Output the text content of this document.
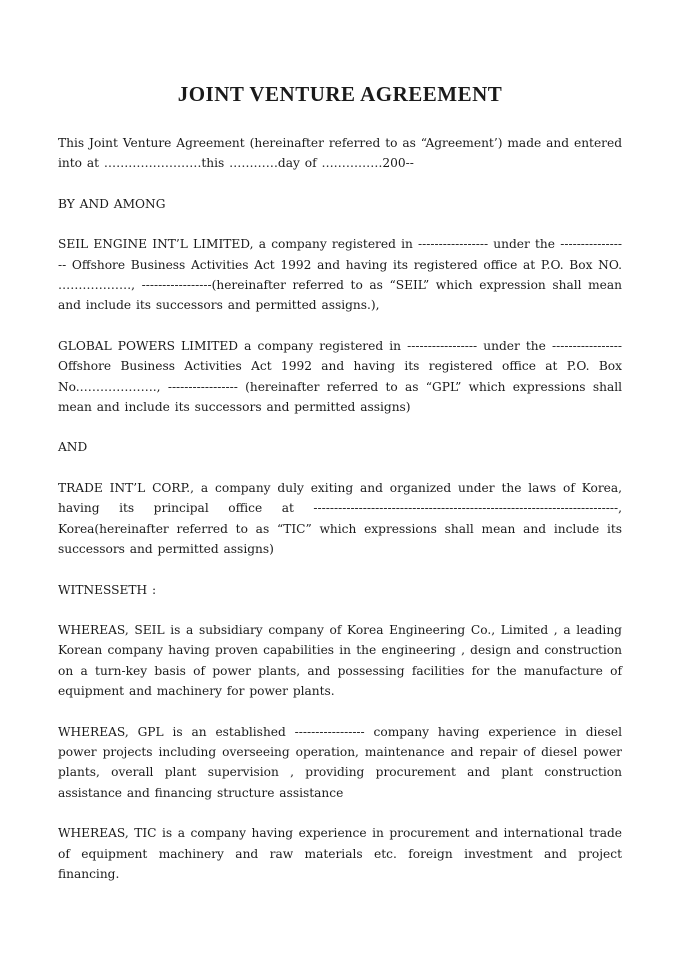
JOINT VENTURE AGREEMENT

This Joint Venture Agreement (hereinafter referred to as “Agreement’) made and entered into at ……………………this …………day of ……………200--

BY AND AMONG

SEIL ENGINE INT’L LIMITED, a company registered in ----------------- under the ----------------- Offshore Business Activities Act 1992 and having its registered office at P.O. Box NO. ………………, -----------------(hereinafter referred to as “SEIL” which expression shall mean and include its successors and permitted assigns.),

GLOBAL POWERS LIMITED a company registered in ----------------- under the ----------------- Offshore Business Activities Act 1992 and having its registered office at P.O. Box No.………………., ----------------- (hereinafter referred to as “GPL” which expressions shall mean and include its successors and permitted assigns)

AND

TRADE INT’L CORP., a company duly exiting and organized under the laws of Korea, having its principal office at --------------------------------------------------------------------------, Korea(hereinafter referred to as “TIC” which expressions shall mean and include its successors and permitted assigns)

WITNESSETH :

WHEREAS, SEIL is a subsidiary company of Korea Engineering Co., Limited , a leading Korean company having proven capabilities in the engineering , design and construction on a turn-key basis of power plants, and possessing facilities for the manufacture of equipment and machinery for power plants.

WHEREAS, GPL is an established ----------------- company having experience in diesel power projects including overseeing operation, maintenance and repair of diesel power plants, overall plant supervision , providing procurement and plant construction assistance and financing structure assistance

WHEREAS, TIC is a company having experience in procurement and international trade of equipment machinery and raw materials etc. foreign investment and project financing.
